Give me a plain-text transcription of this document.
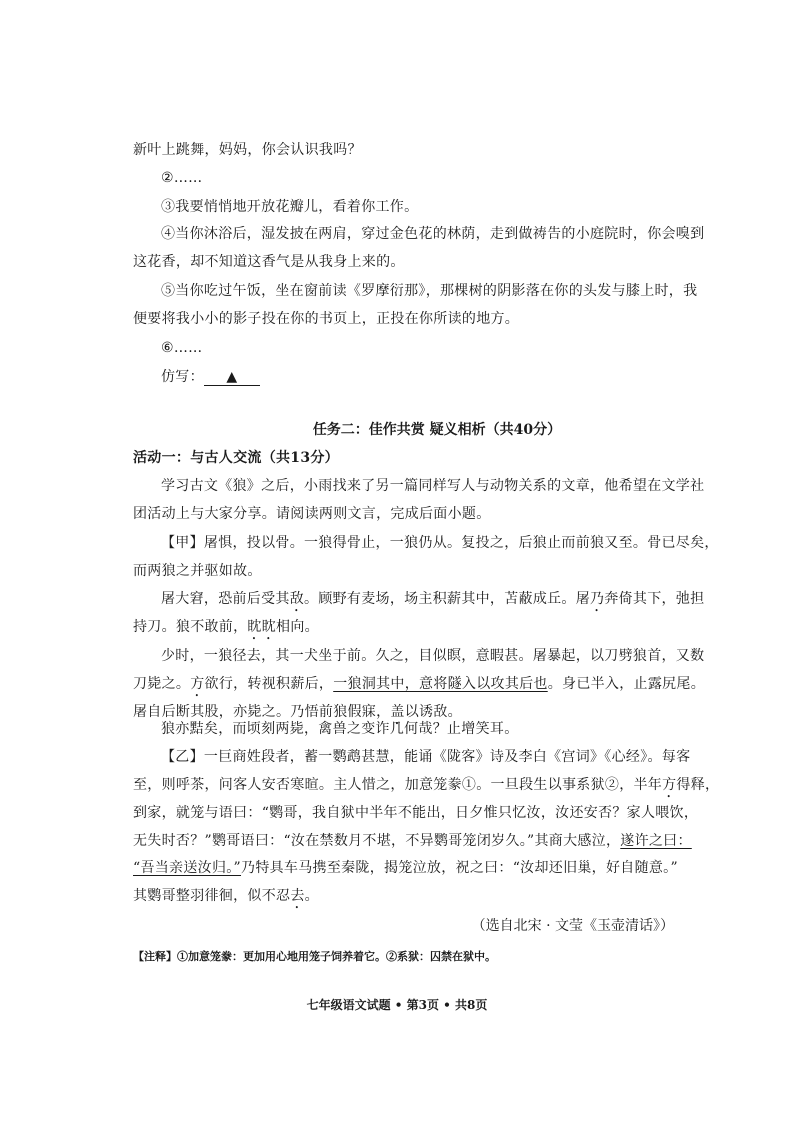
新叶上跳舞，妈妈，你会认识我吗？
②……
③我要悄悄地开放花瓣儿，看着你工作。
④当你沐浴后，湿发披在两肩，穿过金色花的林荫，走到做祷告的小庭院时，你会嗅到
这花香，却不知道这香气是从我身上来的。
⑤当你吃过午饭，坐在窗前读《罗摩衍那》，那棵树的阴影落在你的头发与膝上时，我
便要将我小小的影子投在你的书页上，正投在你所读的地方。
⑥……
仿写： ▲
任务二：佳作共赏 疑义相析（共40分）
活动一：与古人交流（共13分）
学习古文《狼》之后，小雨找来了另一篇同样写人与动物关系的文章，他希望在文学社
团活动上与大家分享。请阅读两则文言，完成后面小题。
【甲】屠惧，投以骨。一狼得骨止，一狼仍从。复投之，后狼止而前狼又至。骨已尽矣，
而两狼之并驱如故。
屠大窘，恐前后受其敌。顾野有麦场，场主积薪其中，苫蔽成丘。屠乃奔倚其下，弛担
持刀。狼不敢前，眈眈相向。
少时，一狼径去，其一犬坐于前。久之，目似瞑，意暇甚。屠暴起，以刀劈狼首，又数
刀毙之。方欲行，转视积薪后，一狼洞其中，意将隧入以攻其后也。身已半入，止露尻尾。
屠自后断其股，亦毙之。乃悟前狼假寐，盖以诱敌。
狼亦黠矣，而顷刻两毙，禽兽之变诈几何哉？止增笑耳。
【乙】一巨商姓段者，蓄一鹦鹉甚慧，能诵《陇客》诗及李白《宫词》《心经》。每客
至，则呼茶，问客人安否寒暄。主人惜之，加意笼豢①。一旦段生以事系狱②，半年方得释，
到家，就笼与语曰：“鹦哥，我自狱中半年不能出，日夕惟只忆汝，汝还安否？家人喂饮，
无失时否？”鹦哥语曰：“汝在禁数月不堪，不异鹦哥笼闭岁久。”其商大感泣，遂许之曰：
“吾当亲送汝归。”乃特具车马携至秦陇，揭笼泣放，祝之曰：“汝却还旧巢，好自随意。”
其鹦哥整羽徘徊，似不忍去。
（选自北宋 · 文莹《玉壶清话》）
【注释】①加意笼豢：更加用心地用笼子饲养着它。②系狱：囚禁在狱中。
七年级语文试题 • 第3页 • 共8页
